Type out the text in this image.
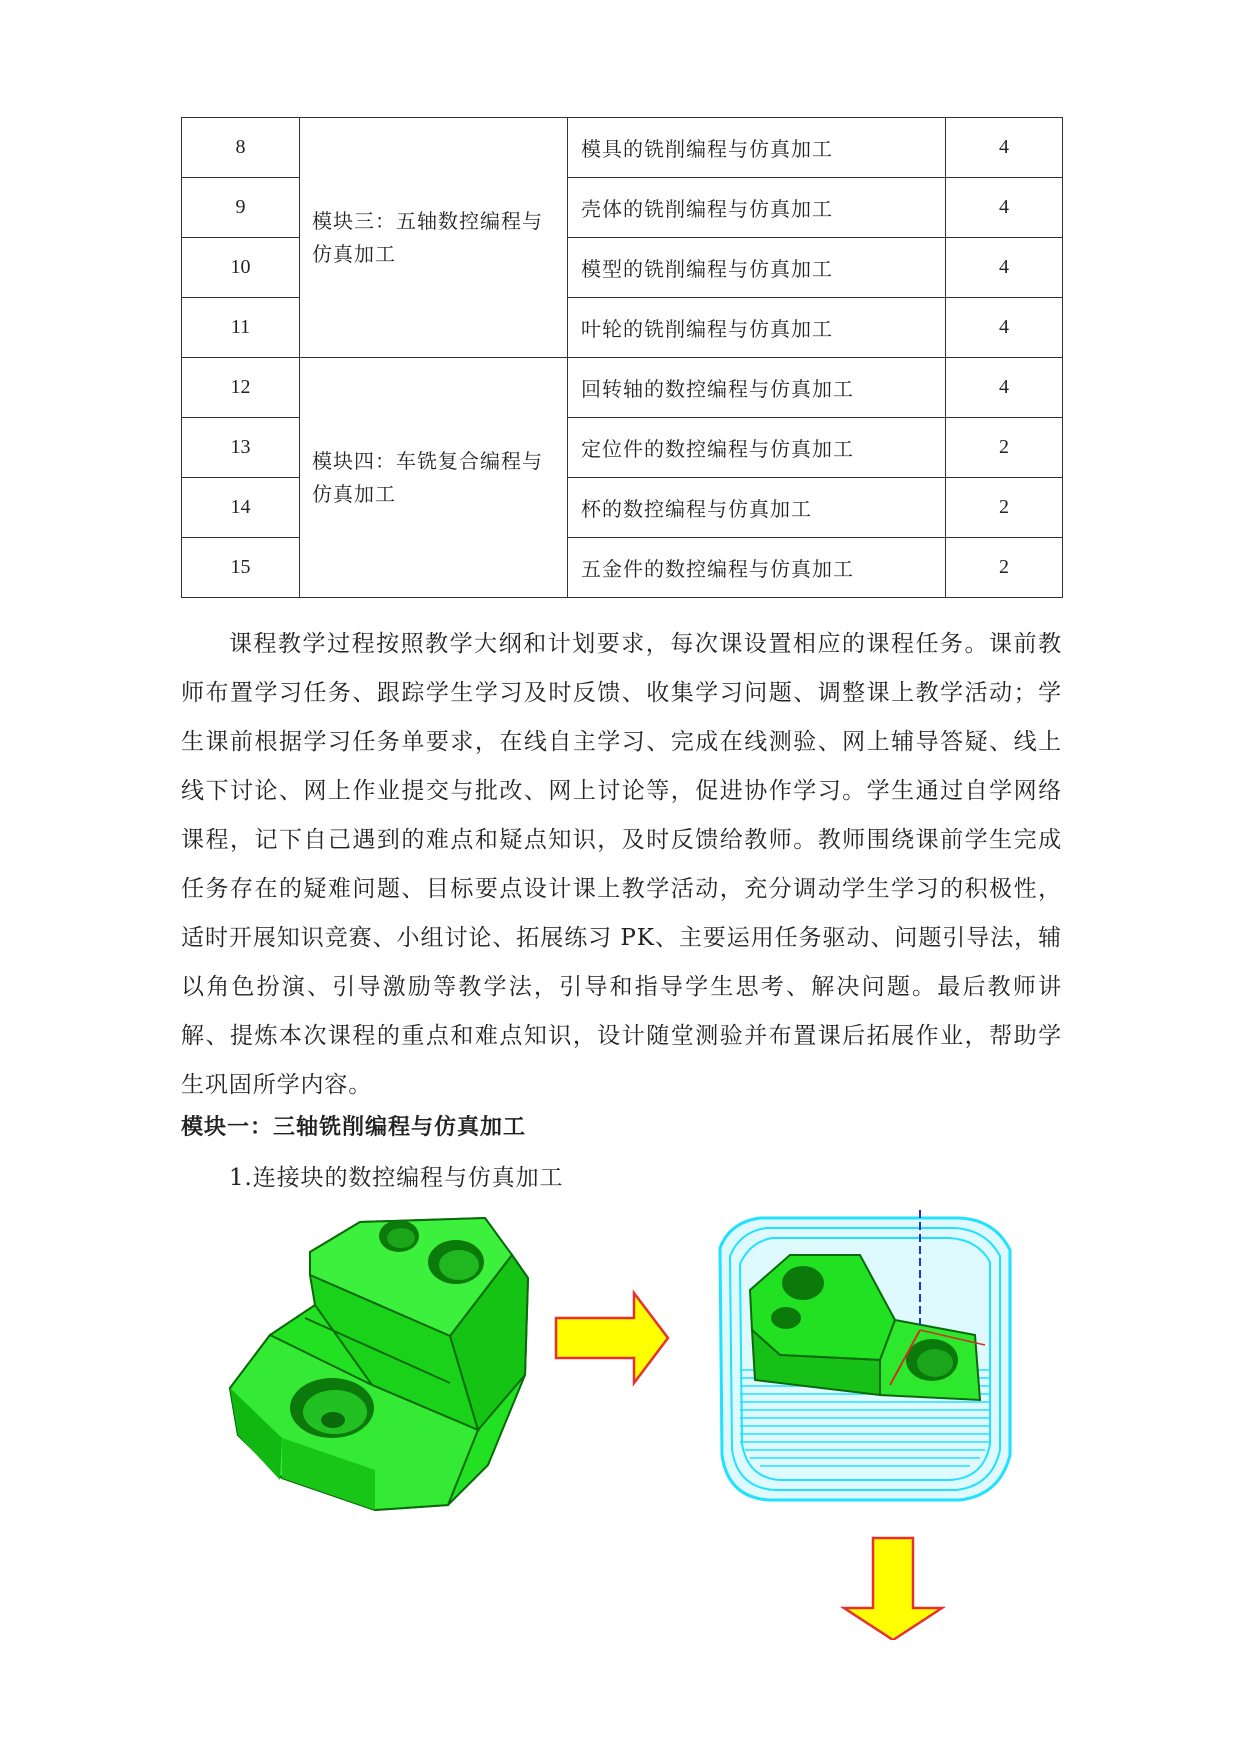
8	模块三：五轴数控编程与仿真加工	模具的铣削编程与仿真加工	4
9		壳体的铣削编程与仿真加工	4
10		模型的铣削编程与仿真加工	4
11		叶轮的铣削编程与仿真加工	4
12	模块四：车铣复合编程与仿真加工	回转轴的数控编程与仿真加工	4
13		定位件的数控编程与仿真加工	2
14		杯的数控编程与仿真加工	2
15		五金件的数控编程与仿真加工	2

课程教学过程按照教学大纲和计划要求，每次课设置相应的课程任务。课前教师布置学习任务、跟踪学生学习及时反馈、收集学习问题、调整课上教学活动；学生课前根据学习任务单要求，在线自主学习、完成在线测验、网上辅导答疑、线上线下讨论、网上作业提交与批改、网上讨论等，促进协作学习。学生通过自学网络课程，记下自己遇到的难点和疑点知识，及时反馈给教师。教师围绕课前学生完成任务存在的疑难问题、目标要点设计课上教学活动，充分调动学生学习的积极性，适时开展知识竞赛、小组讨论、拓展练习 PK、主要运用任务驱动、问题引导法，辅以角色扮演、引导激励等教学法，引导和指导学生思考、解决问题。最后教师讲解、提炼本次课程的重点和难点知识，设计随堂测验并布置课后拓展作业，帮助学生巩固所学内容。

模块一：三轴铣削编程与仿真加工

1.连接块的数控编程与仿真加工
